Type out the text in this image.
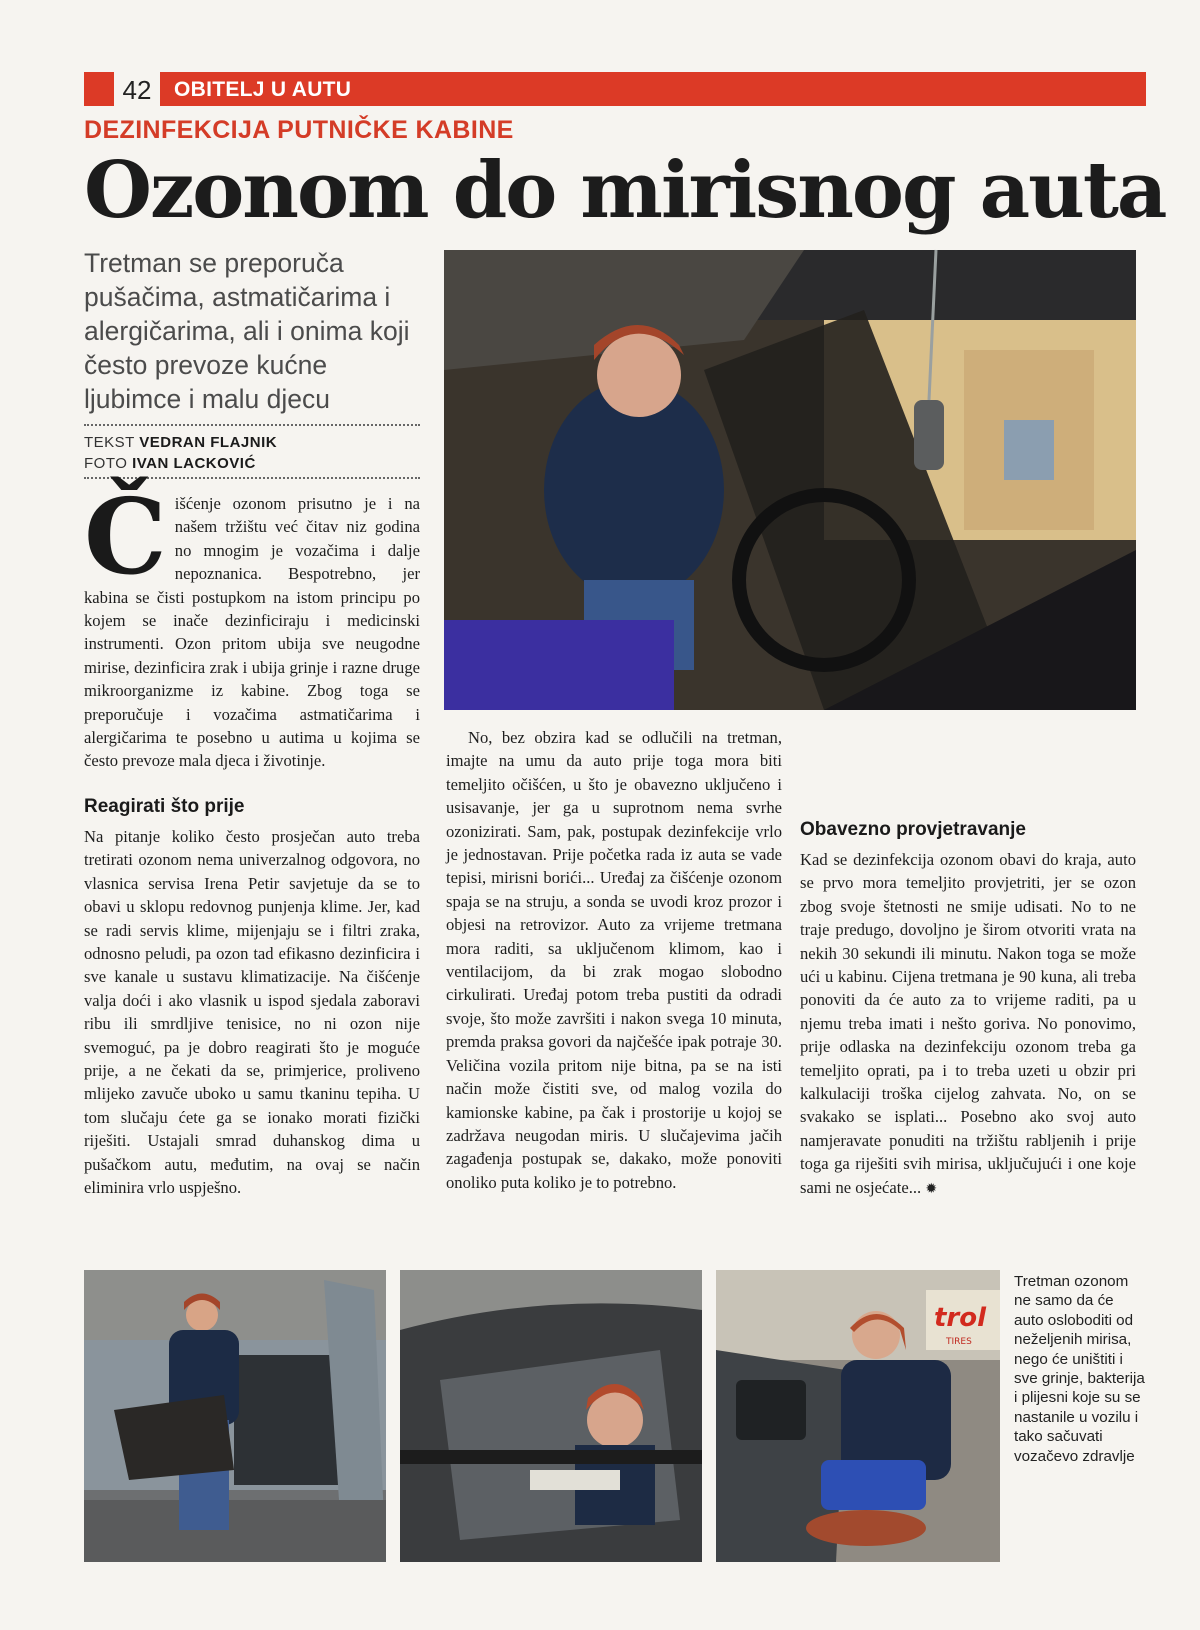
42	OBITELJ U AUTU
DEZINFEKCIJA PUTNIČKE KABINE
Ozonom do mirisnog auta
Tretman se preporuča pušačima, astmatičarima i alergičarima, ali i onima koji često prevoze kućne ljubimce i malu djecu
TEKST VEDRAN FLAJNIK
FOTO IVAN LACKOVIĆ

Čišćenje ozonom prisutno je i na našem tržištu već čitav niz godina no mnogim je vozačima i dalje nepoznanica. Bespotrebno, jer kabina se čisti postupkom na istom principu po kojem se inače dezinficiraju i medicinski instrumenti. Ozon pritom ubija sve neugodne mirise, dezinficira zrak i ubija grinje i razne druge mikroorganizme iz kabine. Zbog toga se preporučuje i vozačima astmatičarima i alergičarima te posebno u autima u kojima se često prevoze mala djeca i životinje.

Reagirati što prije

Na pitanje koliko često prosječan auto treba tretirati ozonom nema univerzalnog odgovora, no vlasnica servisa Irena Petir savjetuje da se to obavi u sklopu redovnog punjenja klime. Jer, kad se radi servis klime, mijenjaju se i filtri zraka, odnosno peludi, pa ozon tad efikasno dezinficira i sve kanale u sustavu klimatizacije. Na čišćenje valja doći i ako vlasnik u ispod sjedala zaboravi ribu ili smrdljive tenisice, no ni ozon nije svemoguć, pa je dobro reagirati što je moguće prije, a ne čekati da se, primjerice, proliveno mlijeko zavuče uboko u samu tkaninu tepiha. U tom slučaju ćete ga se ionako morati fizički riješiti. Ustajali smrad duhanskog dima u pušačkom autu, međutim, na ovaj se način eliminira vrlo uspješno.

No, bez obzira kad se odlučili na tretman, imajte na umu da auto prije toga mora biti temeljito očišćen, u što je obavezno uključeno i usisavanje, jer ga u suprotnom nema svrhe ozonizirati. Sam, pak, postupak dezinfekcije vrlo je jednostavan. Prije početka rada iz auta se vade tepisi, mirisni borići... Uređaj za čišćenje ozonom spaja se na struju, a sonda se uvodi kroz prozor i objesi na retrovizor. Auto za vrijeme tretmana mora raditi, sa uključenom klimom, kao i ventilacijom, da bi zrak mogao slobodno cirkulirati. Uređaj potom treba pustiti da odradi svoje, što može završiti i nakon svega 10 minuta, premda praksa govori da najčešće ipak potraje 30. Veličina vozila pritom nije bitna, pa se na isti način može čistiti sve, od malog vozila do kamionske kabine, pa čak i prostorije u kojoj se zadržava neugodan miris. U slučajevima jačih zagađenja postupak se, dakako, može ponoviti onoliko puta koliko je to potrebno.

Obavezno provjetravanje

Kad se dezinfekcija ozonom obavi do kraja, auto se prvo mora temeljito provjetriti, jer se ozon zbog svoje štetnosti ne smije udisati. No to ne traje predugo, dovoljno je širom otvoriti vrata na nekih 30 sekundi ili minutu. Nakon toga se može ući u kabinu. Cijena tretmana je 90 kuna, ali treba ponoviti da će auto za to vrijeme raditi, pa u njemu treba imati i nešto goriva. No ponovimo, prije odlaska na dezinfekciju ozonom treba ga temeljito oprati, pa i to treba uzeti u obzir pri kalkulaciji troška cijelog zahvata. No, on se svakako se isplati... Posebno ako svoj auto namjeravate ponuditi na tržištu rabljenih i prije toga ga riješiti svih mirisa, uključujući i one koje sami ne osjećate... ✹

trol
TIRES
Tretman ozonom ne samo da će auto osloboditi od neželjenih mirisa, nego će uništiti i sve grinje, bakterija i plijesni koje su se nastanile u vozilu i tako sačuvati vozačevo zdravlje
